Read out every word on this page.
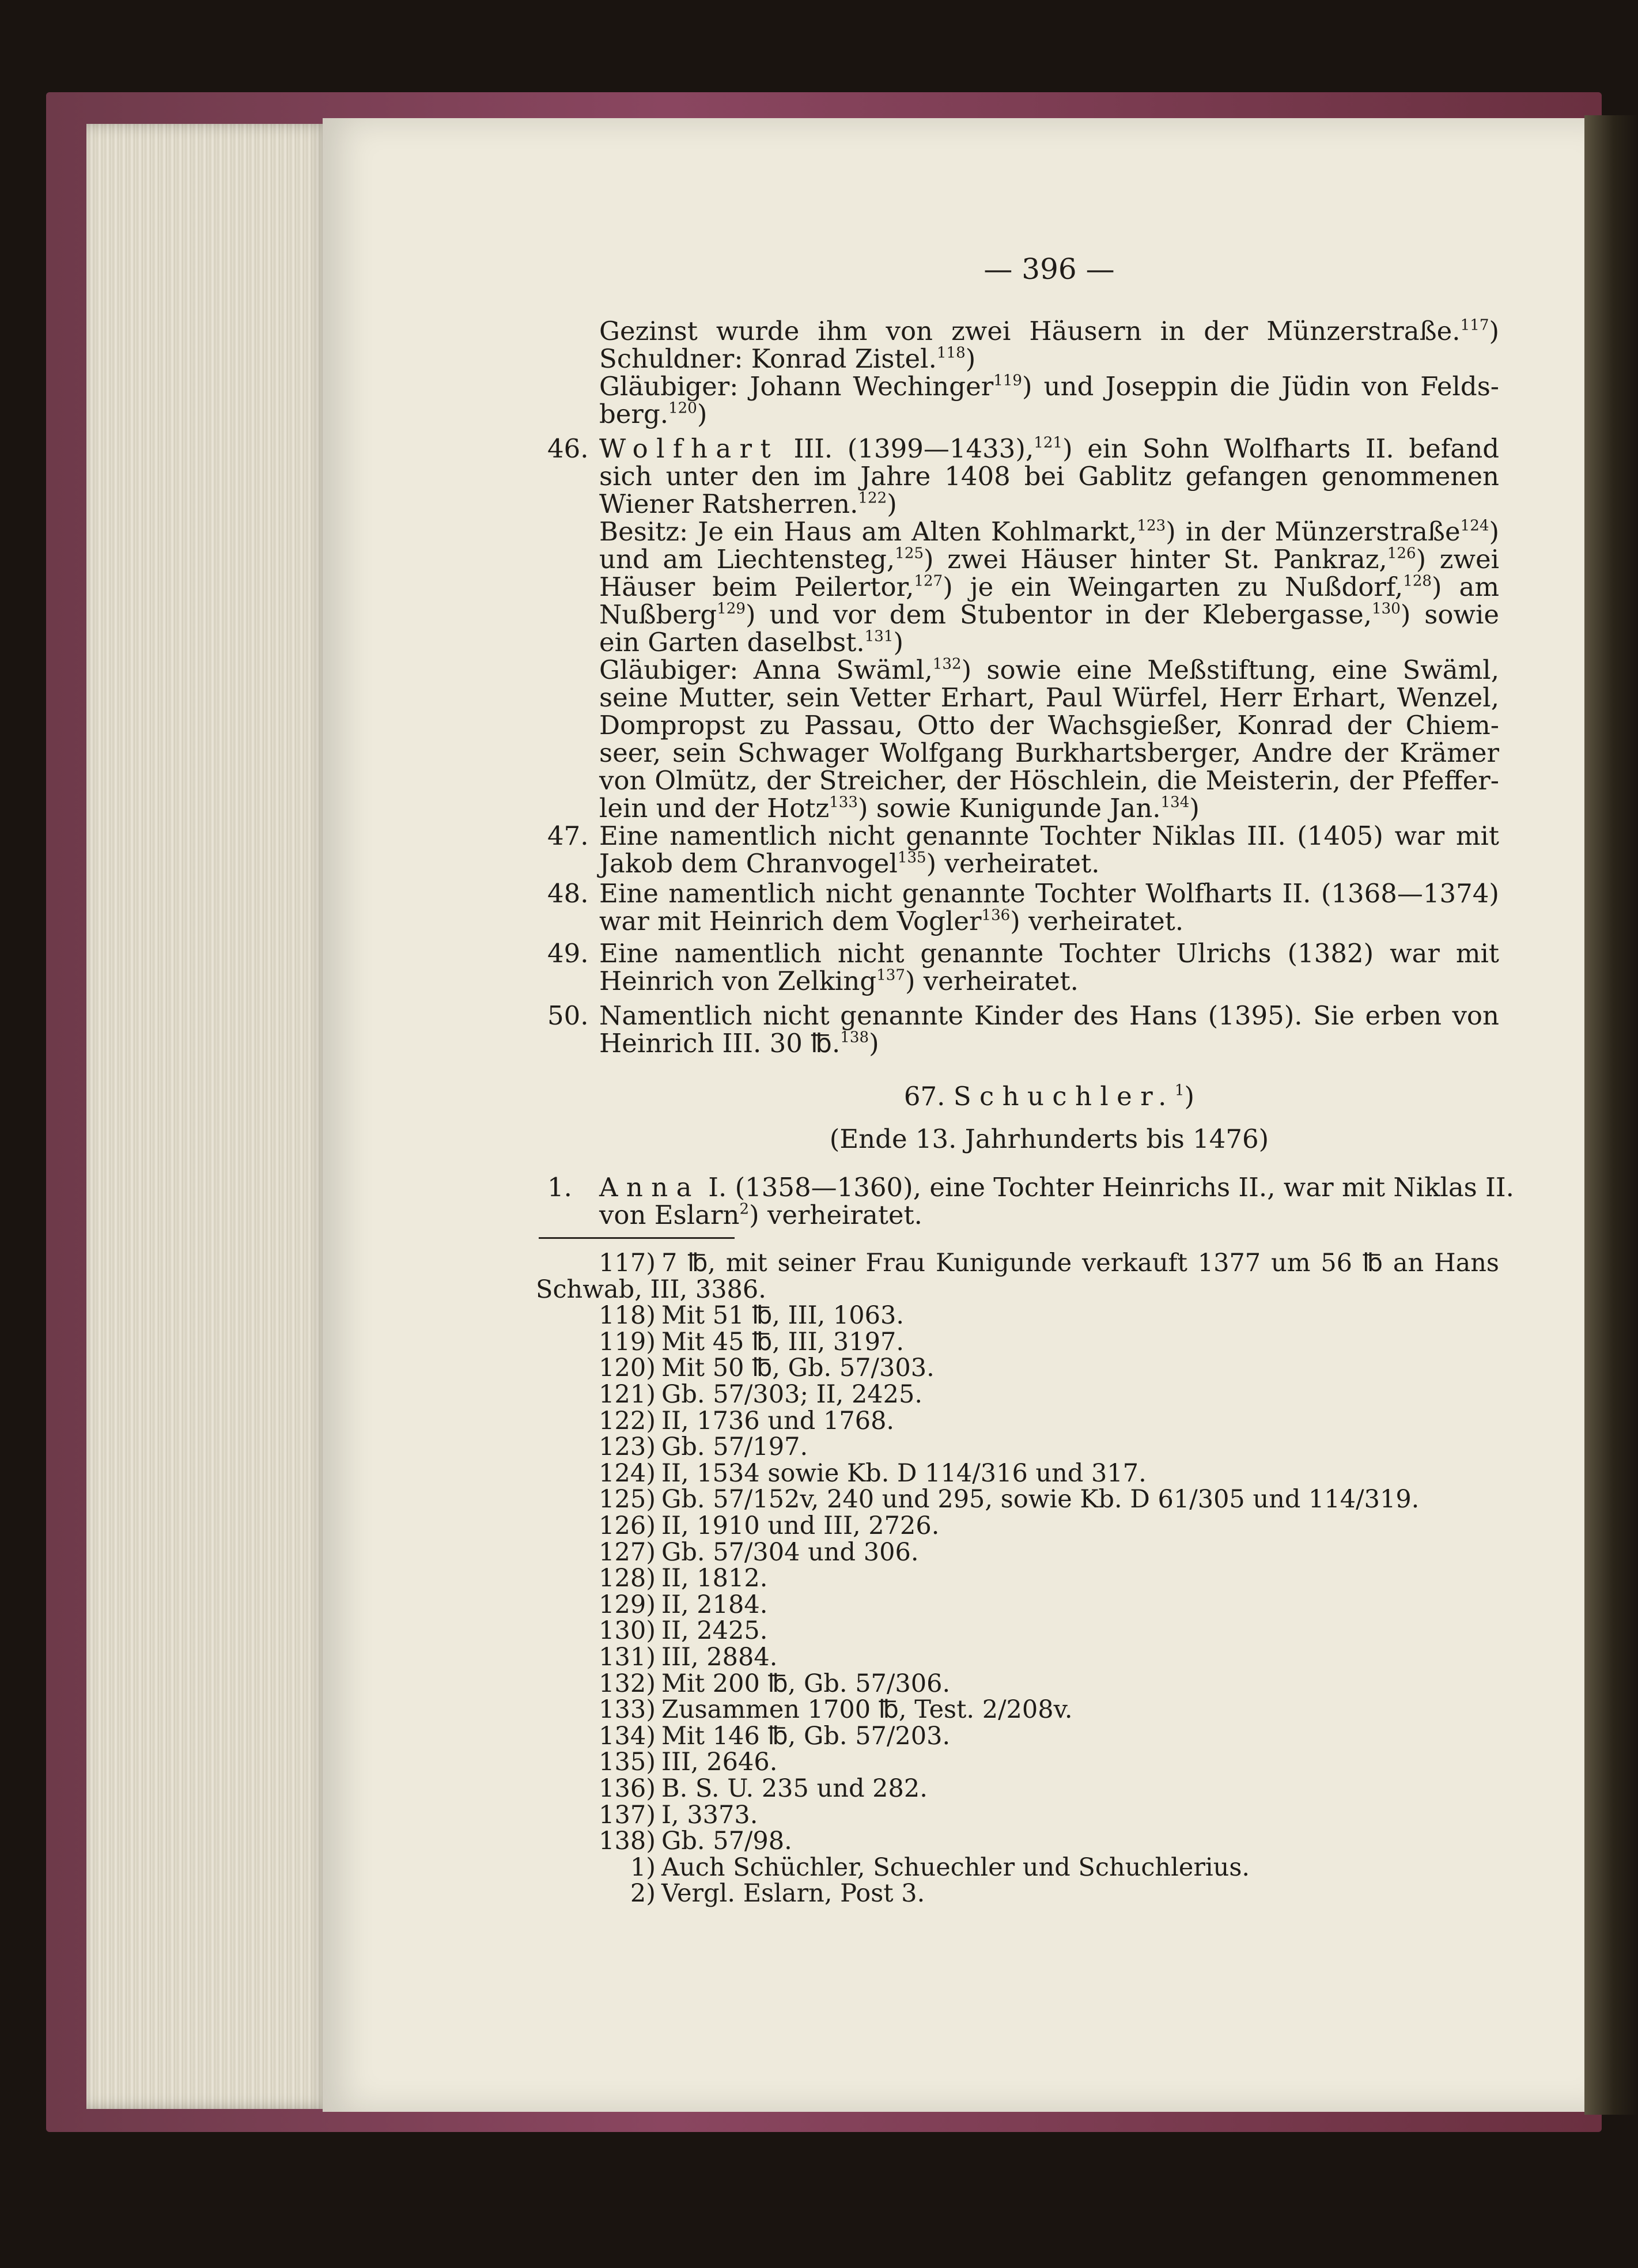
— 396 —
Gezinst wurde ihm von zwei Häusern in der Münzerstraße.$^{117}$)
Schuldner: Konrad Zistel.$^{118}$)
Gläubiger: Johann Wechinger$^{119}$) und Joseppin die Jüdin von Felds-
berg.$^{120}$)
46. Wolfhart III. (1399—1433),$^{121}$) ein Sohn Wolfharts II. befand
sich unter den im Jahre 1408 bei Gablitz gefangen genommenen
Wiener Ratsherren.$^{122}$)
Besitz: Je ein Haus am Alten Kohlmarkt,$^{123}$) in der Münzerstraße$^{124}$)
und am Liechtensteg,$^{125}$) zwei Häuser hinter St. Pankraz,$^{126}$) zwei
Häuser beim Peilertor,$^{127}$) je ein Weingarten zu Nußdorf,$^{128}$) am
Nußberg$^{129}$) und vor dem Stubentor in der Klebergasse,$^{130}$) sowie
ein Garten daselbst.$^{131}$)
Gläubiger: Anna Swäml,$^{132}$) sowie eine Meßstiftung, eine Swäml,
seine Mutter, sein Vetter Erhart, Paul Würfel, Herr Erhart, Wenzel,
Dompropst zu Passau, Otto der Wachsgießer, Konrad der Chiem-
seer, sein Schwager Wolfgang Burkhartsberger, Andre der Krämer
von Olmütz, der Streicher, der Höschlein, die Meisterin, der Pfeffer-
lein und der Hotz$^{133}$) sowie Kunigunde Jan.$^{134}$)
47. Eine namentlich nicht genannte Tochter Niklas III. (1405) war mit
Jakob dem Chranvogel$^{135}$) verheiratet.
48. Eine namentlich nicht genannte Tochter Wolfharts II. (1368—1374)
war mit Heinrich dem Vogler$^{136}$) verheiratet.
49. Eine namentlich nicht genannte Tochter Ulrichs (1382) war mit
Heinrich von Zelking$^{137}$) verheiratet.
50. Namentlich nicht genannte Kinder des Hans (1395). Sie erben von
Heinrich III. 30 ℔.$^{138}$)
67. Schuchler.$^1$)
(Ende 13. Jahrhunderts bis 1476)
1. Anna I. (1358—1360), eine Tochter Heinrichs II., war mit Niklas II.
von Eslarn$^2$) verheiratet.
117) 7 ℔, mit seiner Frau Kunigunde verkauft 1377 um 56 ℔ an Hans
Schwab, III, 3386.
118) Mit 51 ℔, III, 1063.
119) Mit 45 ℔, III, 3197.
120) Mit 50 ℔, Gb. 57/303.
121) Gb. 57/303; II, 2425.
122) II, 1736 und 1768.
123) Gb. 57/197.
124) II, 1534 sowie Kb. D 114/316 und 317.
125) Gb. 57/152v, 240 und 295, sowie Kb. D 61/305 und 114/319.
126) II, 1910 und III, 2726.
127) Gb. 57/304 und 306.
128) II, 1812.
129) II, 2184.
130) II, 2425.
131) III, 2884.
132) Mit 200 ℔, Gb. 57/306.
133) Zusammen 1700 ℔, Test. 2/208v.
134) Mit 146 ℔, Gb. 57/203.
135) III, 2646.
136) B. S. U. 235 und 282.
137) I, 3373.
138) Gb. 57/98.
1) Auch Schüchler, Schuechler und Schuchlerius.
2) Vergl. Eslarn, Post 3.
